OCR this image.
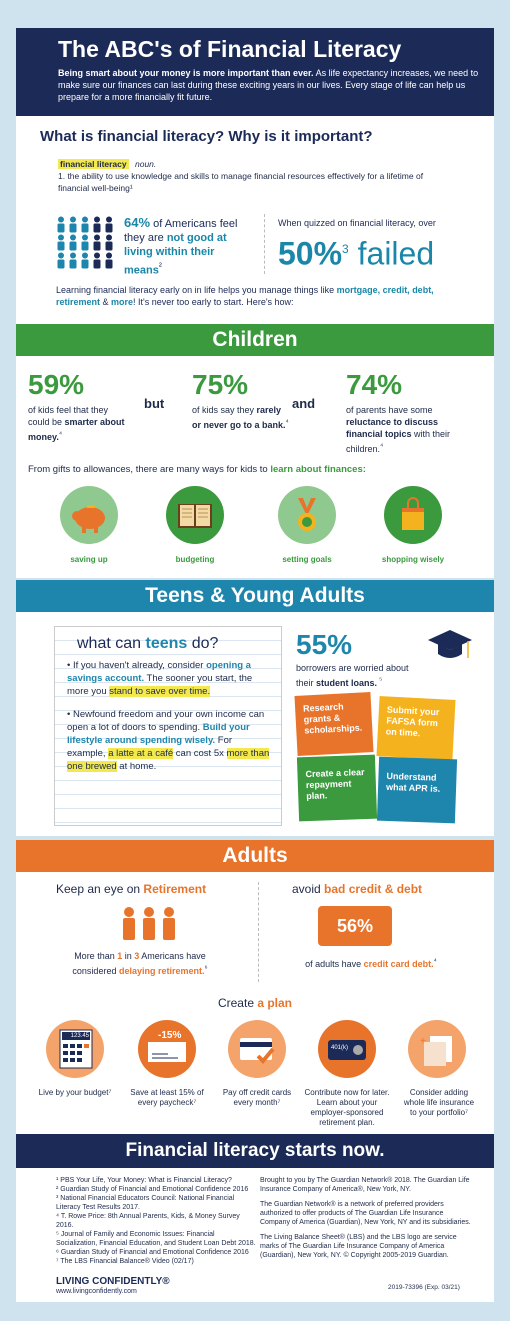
The ABC's of Financial Literacy
Being smart about your money is more important than ever. As life expectancy increases, we need to make sure our finances can last during these exciting years in our lives. Every stage of life can help us prepare for a more financially fit future.
What is financial literacy? Why is it important?
financial literacy noun.
1. the ability to use knowledge and skills to manage financial resources effectively for a lifetime of financial well-being¹
64% of Americans feel they are not good at living within their means$^{^2}$
When quizzed on financial literacy, over
50%$^3$ failed
Learning financial literacy early on in life helps you manage things like mortgage, credit, debt, retirement & more! It's never too early to start. Here's how:
Children
59%
of kids feel that they could be smarter about money.$^{^4}$
but
75%
of kids say they rarely or never go to a bank.$^{^4}$
and
74%
of parents have some reluctance to discuss financial topics with their children.$^{^4}$
From gifts to allowances, there are many ways for kids to learn about finances:
saving up	budgeting	setting goals	shopping wisely
Teens & Young Adults
what can teens do?
• If you haven't already, consider opening a savings account. The sooner you start, the more you stand to save over time.
• Newfound freedom and your own income can open a lot of doors to spending. Build your lifestyle around spending wisely. For example, a latte at a café can cost 5x more than one brewed at home.
55%
borrowers are worried about their student loans. $^{^5}$
Research grants & scholarships.
Submit your FAFSA form on time.
Create a clear repayment plan.
Understand what APR is.
Adults
Keep an eye on Retirement
More than 1 in 3 Americans have considered delaying retirement.$^{^6}$
avoid bad credit & debt
56%
of adults have credit card debt.$^{^4}$
Create a plan
123.45	-15%
401(k)
+
Live by your budget⁷	Save at least 15% of every paycheck⁷
Pay off credit cards every month⁷
Contribute now for later. Learn about your employer-sponsored retirement plan.
Consider adding whole life insurance to your portfolio⁷
Financial literacy starts now.
¹ PBS Your Life, Your Money: What is Financial Literacy?
² Guardian Study of Financial and Emotional Confidence 2016
³ National Financial Educators Council: National Financial Literacy Test Results 2017.
⁴ T. Rowe Price: 8th Annual Parents, Kids, & Money Survey 2016.
⁵ Journal of Family and Economic Issues: Financial Socialization, Financial Education, and Student Loan Debt 2018.
⁶ Guardian Study of Financial and Emotional Confidence 2016
⁷ The LBS Financial Balance® Video (02/17)
Brought to you by The Guardian Network® 2018. The Guardian Life Insurance Company of America®, New York, NY.
The Guardian Network® is a network of preferred providers authorized to offer products of The Guardian Life Insurance Company of America (Guardian), New York, NY and its subsidiaries.
The Living Balance Sheet® (LBS) and the LBS logo are service marks of The Guardian Life Insurance Company of America (Guardian), New York, NY. © Copyright 2005-2019 Guardian.
LIVING CONFIDENTLY®
www.livingconfidently.com
2019-73396 (Exp. 03/21)
